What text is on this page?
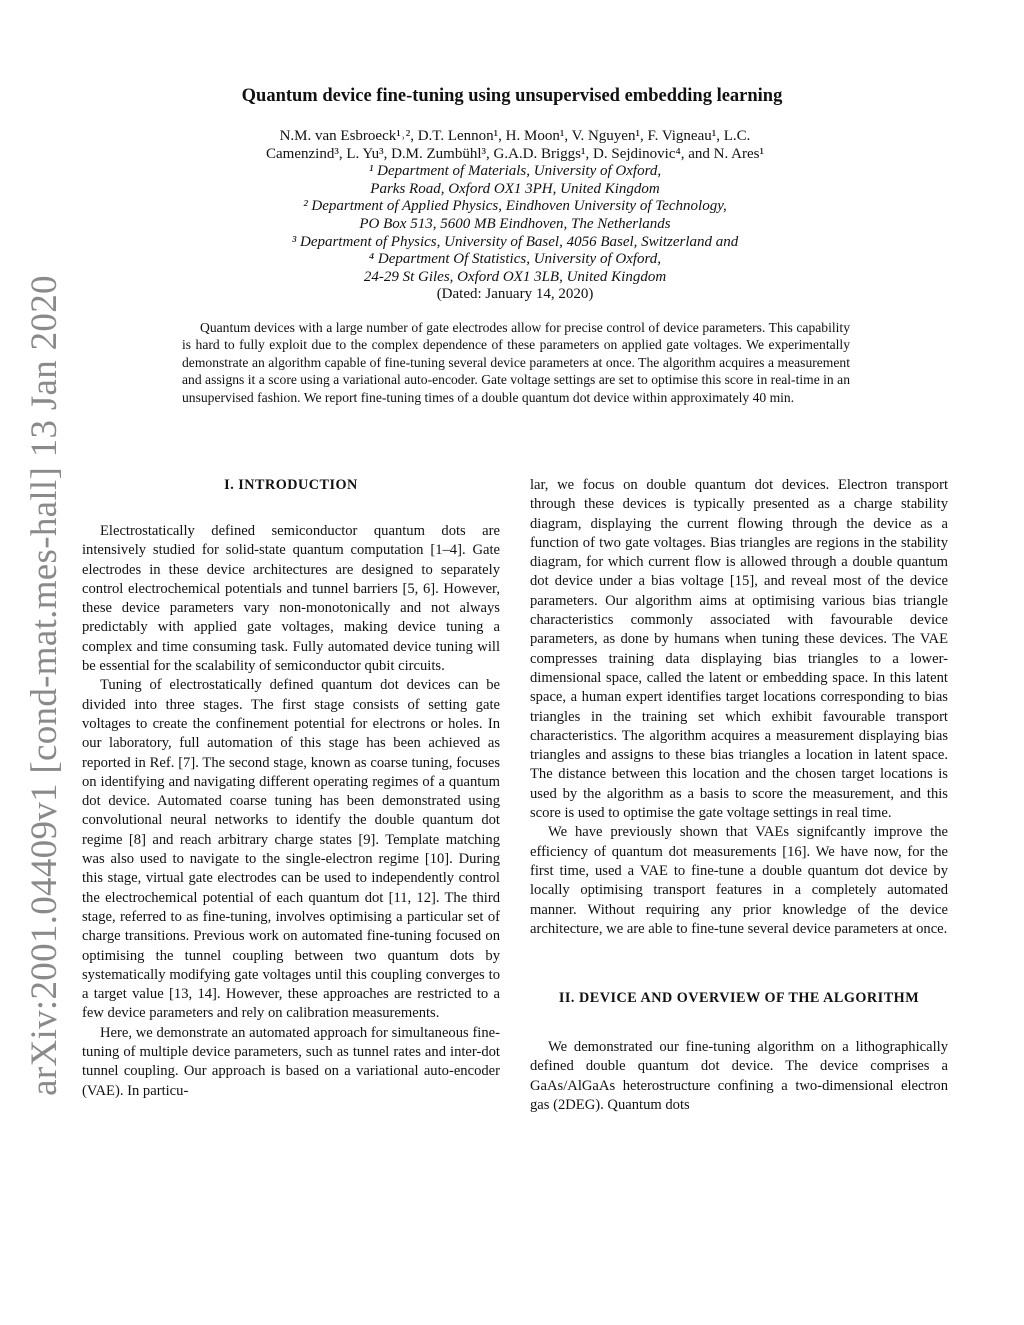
arXiv:2001.04409v1 [cond-mat.mes-hall] 13 Jan 2020
Quantum device fine-tuning using unsupervised embedding learning
N.M. van Esbroeck¹˒², D.T. Lennon¹, H. Moon¹, V. Nguyen¹, F. Vigneau¹, L.C.
Camenzind³, L. Yu³, D.M. Zumbühl³, G.A.D. Briggs¹, D. Sejdinovic⁴, and N. Ares¹
¹ Department of Materials, University of Oxford,
Parks Road, Oxford OX1 3PH, United Kingdom
² Department of Applied Physics, Eindhoven University of Technology,
PO Box 513, 5600 MB Eindhoven, The Netherlands
³ Department of Physics, University of Basel, 4056 Basel, Switzerland and
⁴ Department Of Statistics, University of Oxford,
24-29 St Giles, Oxford OX1 3LB, United Kingdom
(Dated: January 14, 2020)

Quantum devices with a large number of gate electrodes allow for precise control of device parameters. This capability is hard to fully exploit due to the complex dependence of these parameters on applied gate voltages. We experimentally demonstrate an algorithm capable of fine-tuning several device parameters at once. The algorithm acquires a measurement and assigns it a score using a variational auto-encoder. Gate voltage settings are set to optimise this score in real-time in an unsupervised fashion. We report fine-tuning times of a double quantum dot device within approximately 40 min.

I. INTRODUCTION

Electrostatically defined semiconductor quantum dots are intensively studied for solid-state quantum computation [1–4]. Gate electrodes in these device architectures are designed to separately control electrochemical potentials and tunnel barriers [5, 6]. However, these device parameters vary non-monotonically and not always predictably with applied gate voltages, making device tuning a complex and time consuming task. Fully automated device tuning will be essential for the scalability of semiconductor qubit circuits.

Tuning of electrostatically defined quantum dot devices can be divided into three stages. The first stage consists of setting gate voltages to create the confinement potential for electrons or holes. In our laboratory, full automation of this stage has been achieved as reported in Ref. [7]. The second stage, known as coarse tuning, focuses on identifying and navigating different operating regimes of a quantum dot device. Automated coarse tuning has been demonstrated using convolutional neural networks to identify the double quantum dot regime [8] and reach arbitrary charge states [9]. Template matching was also used to navigate to the single-electron regime [10]. During this stage, virtual gate electrodes can be used to independently control the electrochemical potential of each quantum dot [11, 12]. The third stage, referred to as fine-tuning, involves optimising a particular set of charge transitions. Previous work on automated fine-tuning focused on optimising the tunnel coupling between two quantum dots by systematically modifying gate voltages until this coupling converges to a target value [13, 14]. However, these approaches are restricted to a few device parameters and rely on calibration measurements.

Here, we demonstrate an automated approach for simultaneous fine-tuning of multiple device parameters, such as tunnel rates and inter-dot tunnel coupling. Our approach is based on a variational auto-encoder (VAE). In particu-

lar, we focus on double quantum dot devices. Electron transport through these devices is typically presented as a charge stability diagram, displaying the current flowing through the device as a function of two gate voltages. Bias triangles are regions in the stability diagram, for which current flow is allowed through a double quantum dot device under a bias voltage [15], and reveal most of the device parameters. Our algorithm aims at optimising various bias triangle characteristics commonly associated with favourable device parameters, as done by humans when tuning these devices. The VAE compresses training data displaying bias triangles to a lower-dimensional space, called the latent or embedding space. In this latent space, a human expert identifies target locations corresponding to bias triangles in the training set which exhibit favourable transport characteristics. The algorithm acquires a measurement displaying bias triangles and assigns to these bias triangles a location in latent space. The distance between this location and the chosen target locations is used by the algorithm as a basis to score the measurement, and this score is used to optimise the gate voltage settings in real time.

We have previously shown that VAEs signifcantly improve the efficiency of quantum dot measurements [16]. We have now, for the first time, used a VAE to fine-tune a double quantum dot device by locally optimising transport features in a completely automated manner. Without requiring any prior knowledge of the device architecture, we are able to fine-tune several device parameters at once.

II. DEVICE AND OVERVIEW OF THE ALGORITHM

We demonstrated our fine-tuning algorithm on a lithographically defined double quantum dot device. The device comprises a GaAs/AlGaAs heterostructure confining a two-dimensional electron gas (2DEG). Quantum dots
